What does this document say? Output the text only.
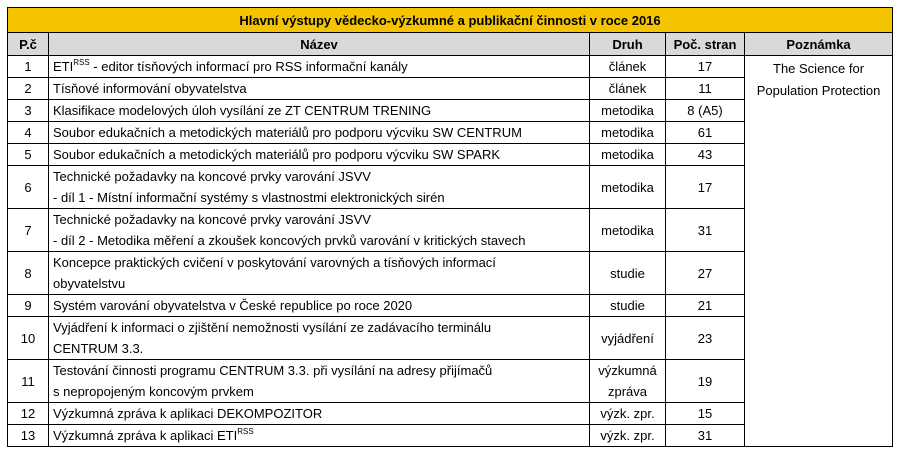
Hlavní výstupy vědecko-výzkumné a publikační činnosti v roce 2016				
P.č	Název	Druh	Poč. stran	Poznámka
1	$ETI^{RSS}$ - editor tísňových informací pro RSS informační kanály	článek	17	The Science for
Population Protection

2	Tísňové informování obyvatelstva	článek	11	
3	Klasifikace modelových úloh vysílání ze ZT CENTRUM TRENING	metodika	8 (A5)	
4	Soubor edukačních a metodických materiálů pro podporu výcviku SW CENTRUM	metodika	61	
5	Soubor edukačních a metodických materiálů pro podporu výcviku SW SPARK	metodika	43	
6	Technické požadavky na koncové prvky varování JSVV
- díl 1 - Místní informační systémy s vlastnostmi elektronických sirén	metodika	17	
7	Technické požadavky na koncové prvky varování JSVV
- díl 2 - Metodika měření a zkoušek koncových prvků varování v kritických stavech	metodika	31	
8	Koncepce praktických cvičení v poskytování varovných a tísňových informací
obyvatelstvu	studie	27	
9	Systém varování obyvatelstva v České republice po roce 2020	studie	21	
10	Vyjádření k informaci o zjištění nemožnosti vysílání ze zadávacího terminálu
CENTRUM 3.3.	vyjádření	23	
11	Testování činnosti programu CENTRUM 3.3. při vysílání na adresy přijímačů
s nepropojeným koncovým prvkem	výzkumná
zpráva	19	
12	Výzkumná zpráva k aplikaci DEKOMPOZITOR	výzk. zpr.	15	
13	Výzkumná zpráva k aplikaci $ETI^{RSS}$	výzk. zpr.	31	
